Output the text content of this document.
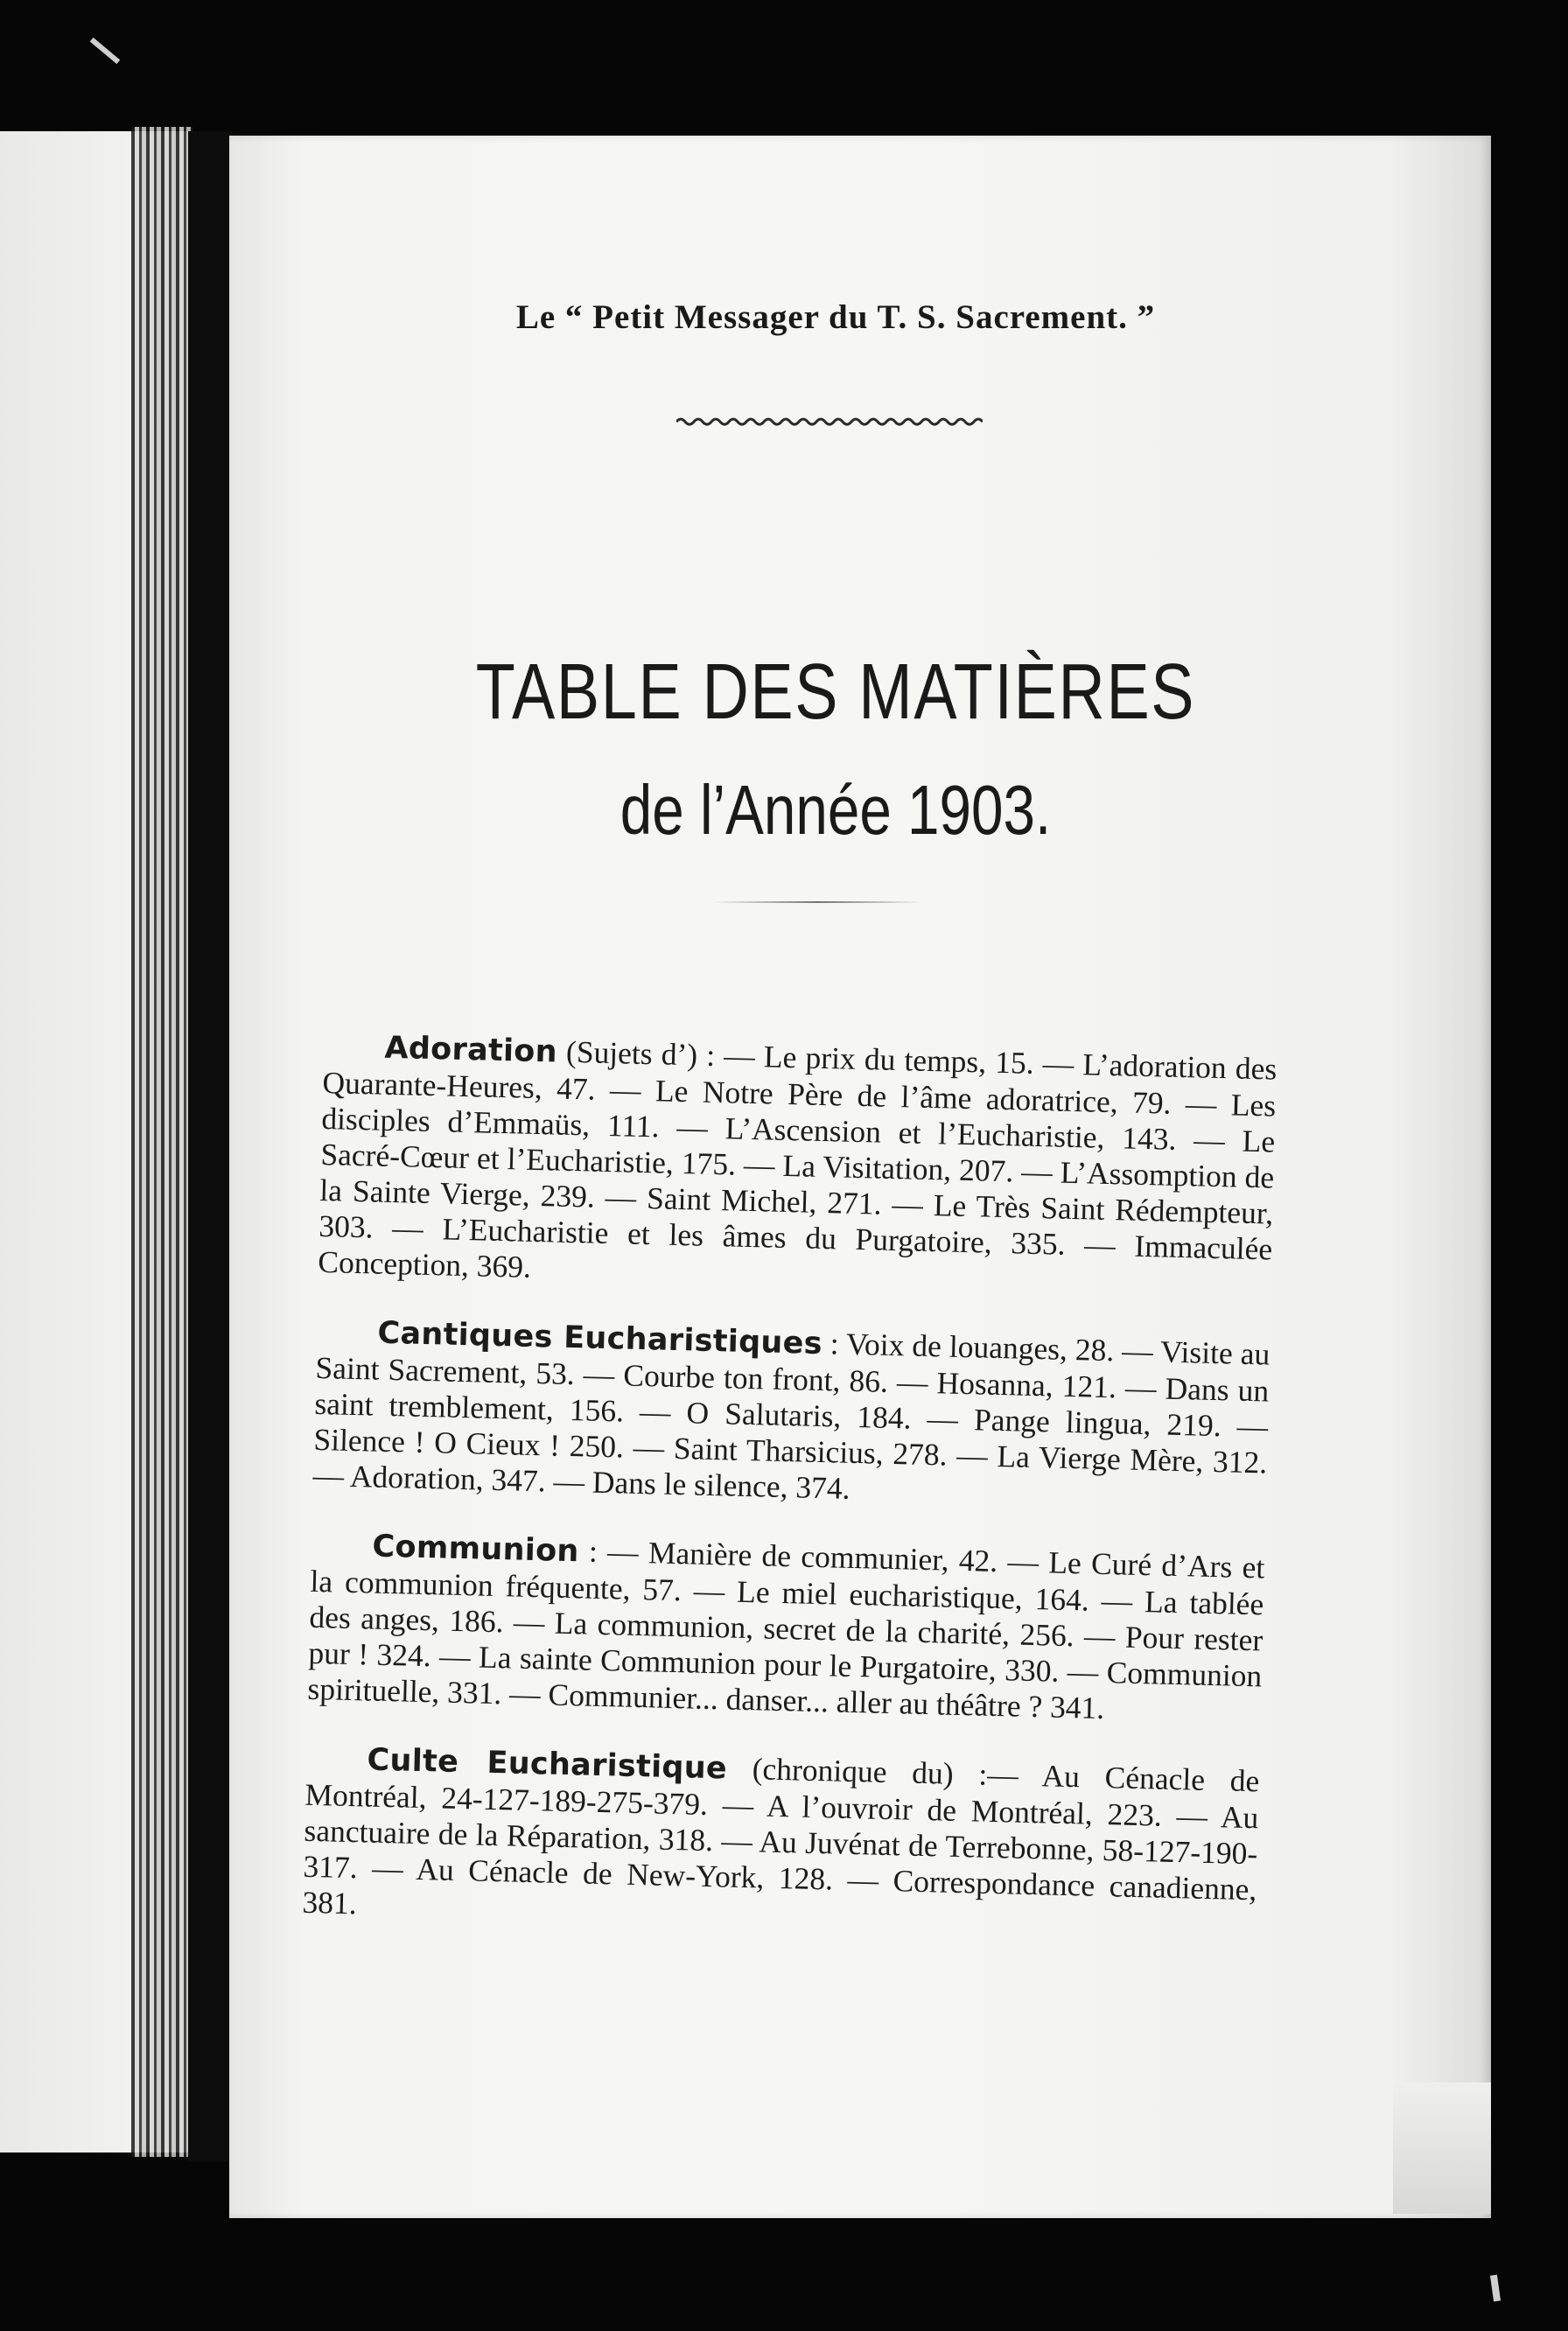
Le “ Petit Messager du T. S. Sacrement. ”
TABLE DES MATIÈRES
de l’Année 1903.

Adoration (Sujets d’) : — Le prix du temps, 15. — L’adoration des Quarante-Heures, 47. — Le Notre Père de l’âme adoratrice, 79. — Les disciples d’Emmaüs, 111. — L’Ascension et l’Eucharistie, 143. — Le Sacré-Cœur et l’Eucharistie, 175. — La Visitation, 207. — L’Assomption de la Sainte Vierge, 239. — Saint Michel, 271. — Le Très Saint Rédempteur, 303. — L’Eucharistie et les âmes du Purgatoire, 335. — Immaculée Conception, 369.

Cantiques Eucharistiques : Voix de louanges, 28. — Visite au Saint Sacrement, 53. — Courbe ton front, 86. — Hosanna, 121. — Dans un saint tremblement, 156. — O Salutaris, 184. — Pange lingua, 219. — Silence ! O Cieux ! 250. — Saint Tharsicius, 278. — La Vierge Mère, 312. — Adoration, 347. — Dans le silence, 374.

Communion : — Manière de communier, 42. — Le Curé d’Ars et la communion fréquente, 57. — Le miel eucharistique, 164. — La tablée des anges, 186. — La communion, secret de la charité, 256. — Pour rester pur ! 324. — La sainte Communion pour le Purgatoire, 330. — Communion spirituelle, 331. — Communier... danser... aller au théâtre ? 341.

Culte Eucharistique (chronique du) :— Au Cénacle de Montréal, 24-127-189-275-379. — A l’ouvroir de Montréal, 223. — Au sanctuaire de la Réparation, 318. — Au Juvénat de Terrebonne, 58-127-190-317. — Au Cénacle de New-York, 128. — Correspondance canadienne, 381.
